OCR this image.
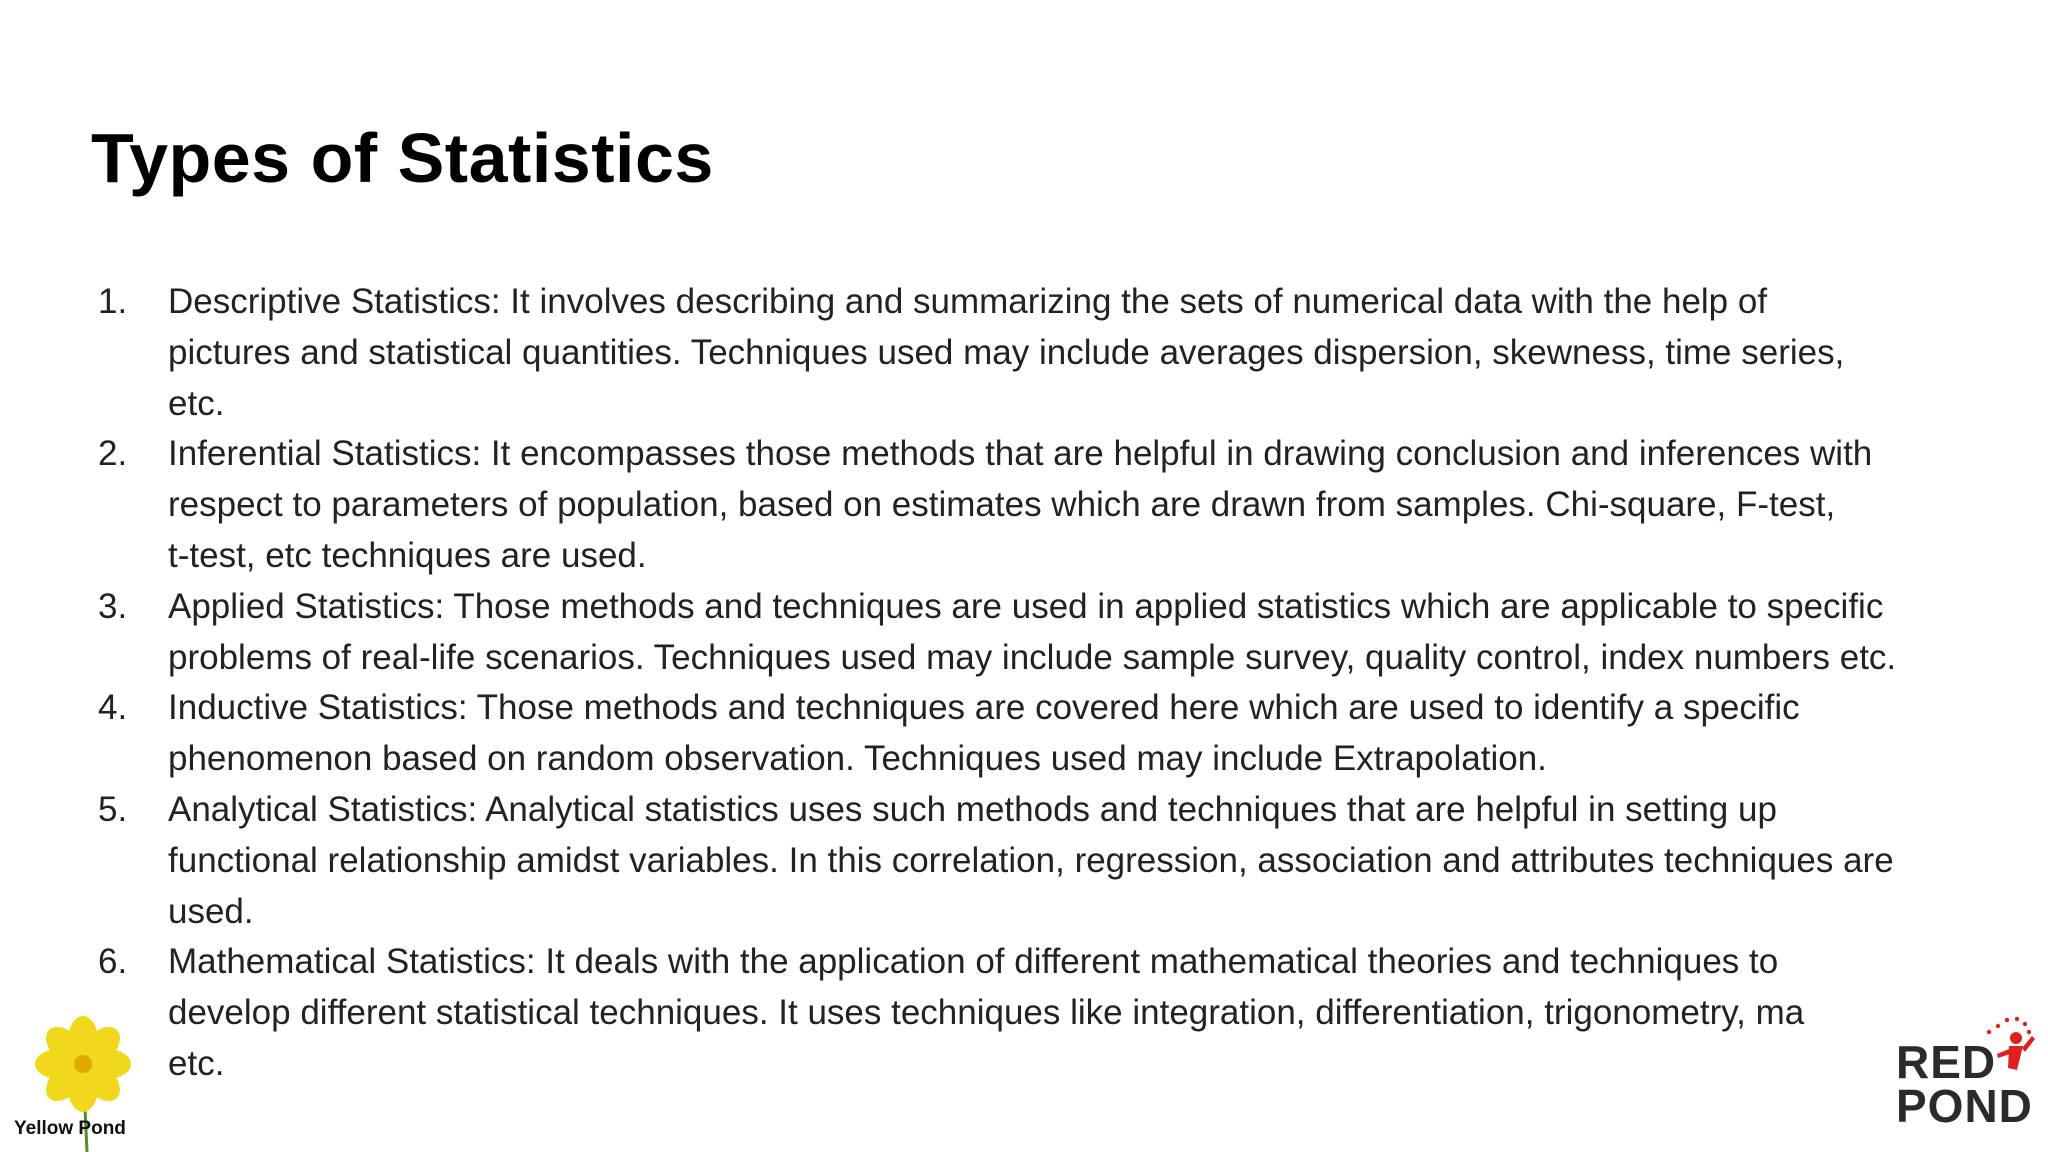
Types of Statistics
1. Descriptive Statistics: It involves describing and summarizing the sets of numerical data with the help of
pictures and statistical quantities. Techniques used may include averages dispersion, skewness, time series,
etc.
2. Inferential Statistics: It encompasses those methods that are helpful in drawing conclusion and inferences with
respect to parameters of population, based on estimates which are drawn from samples. Chi-square, F-test,
t-test, etc techniques are used.
3. Applied Statistics: Those methods and techniques are used in applied statistics which are applicable to specific
problems of real-life scenarios. Techniques used may include sample survey, quality control, index numbers etc.
4. Inductive Statistics: Those methods and techniques are covered here which are used to identify a specific
phenomenon based on random observation. Techniques used may include Extrapolation.
5. Analytical Statistics: Analytical statistics uses such methods and techniques that are helpful in setting up
functional relationship amidst variables. In this correlation, regression, association and attributes techniques are
used.
6. Mathematical Statistics: It deals with the application of different mathematical theories and techniques to
develop different statistical techniques. It uses techniques like integration, differentiation, trigonometry, ma
etc.
Yellow Pond
RED
POND
